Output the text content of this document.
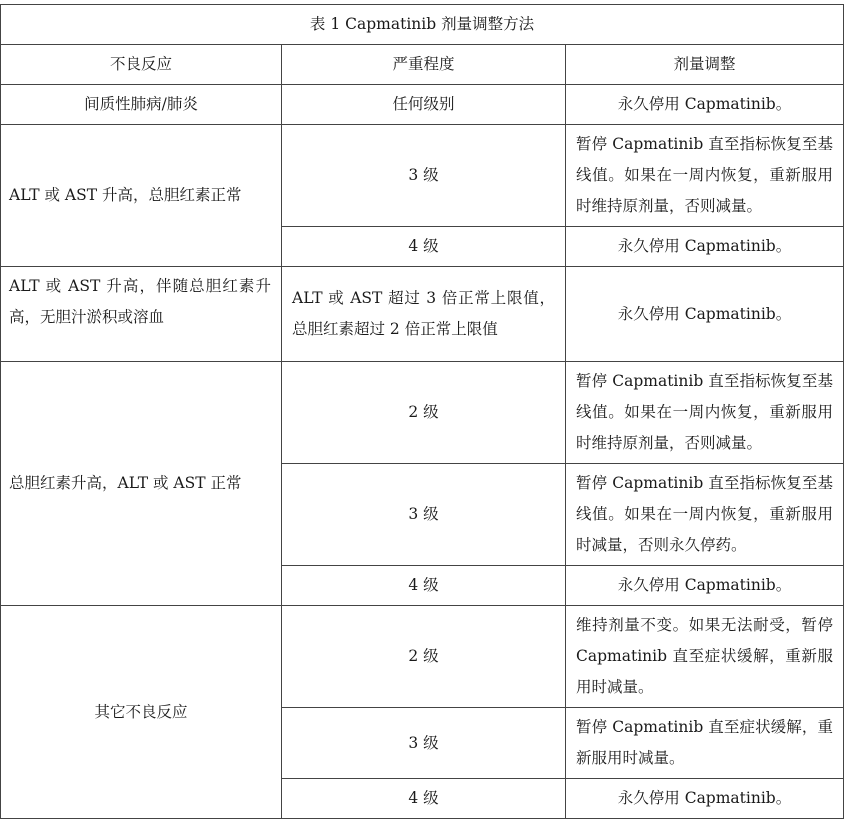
表 1 Capmatinib 剂量调整方法		
不良反应	严重程度	剂量调整
间质性肺病/肺炎	任何级别	永久停用 Capmatinib。
ALT 或 AST 升高，总胆红素正常	3 级	暂停 Capmatinib 直至指标恢复至基线值。如果在一周内恢复，重新服用时维持原剂量，否则减量。
	4 级	永久停用 Capmatinib。
ALT 或 AST 升高，伴随总胆红素升高，无胆汁淤积或溶血	ALT 或 AST 超过 3 倍正常上限值，总胆红素超过 2 倍正常上限值	永久停用 Capmatinib。
总胆红素升高，ALT 或 AST 正常	2 级	暂停 Capmatinib 直至指标恢复至基线值。如果在一周内恢复，重新服用时维持原剂量，否则减量。
	3 级	暂停 Capmatinib 直至指标恢复至基线值。如果在一周内恢复，重新服用时减量，否则永久停药。
	4 级	永久停用 Capmatinib。
其它不良反应	2 级	维持剂量不变。如果无法耐受，暂停 Capmatinib 直至症状缓解，重新服用时减量。
	3 级	暂停 Capmatinib 直至症状缓解，重新服用时减量。
	4 级	永久停用 Capmatinib。
